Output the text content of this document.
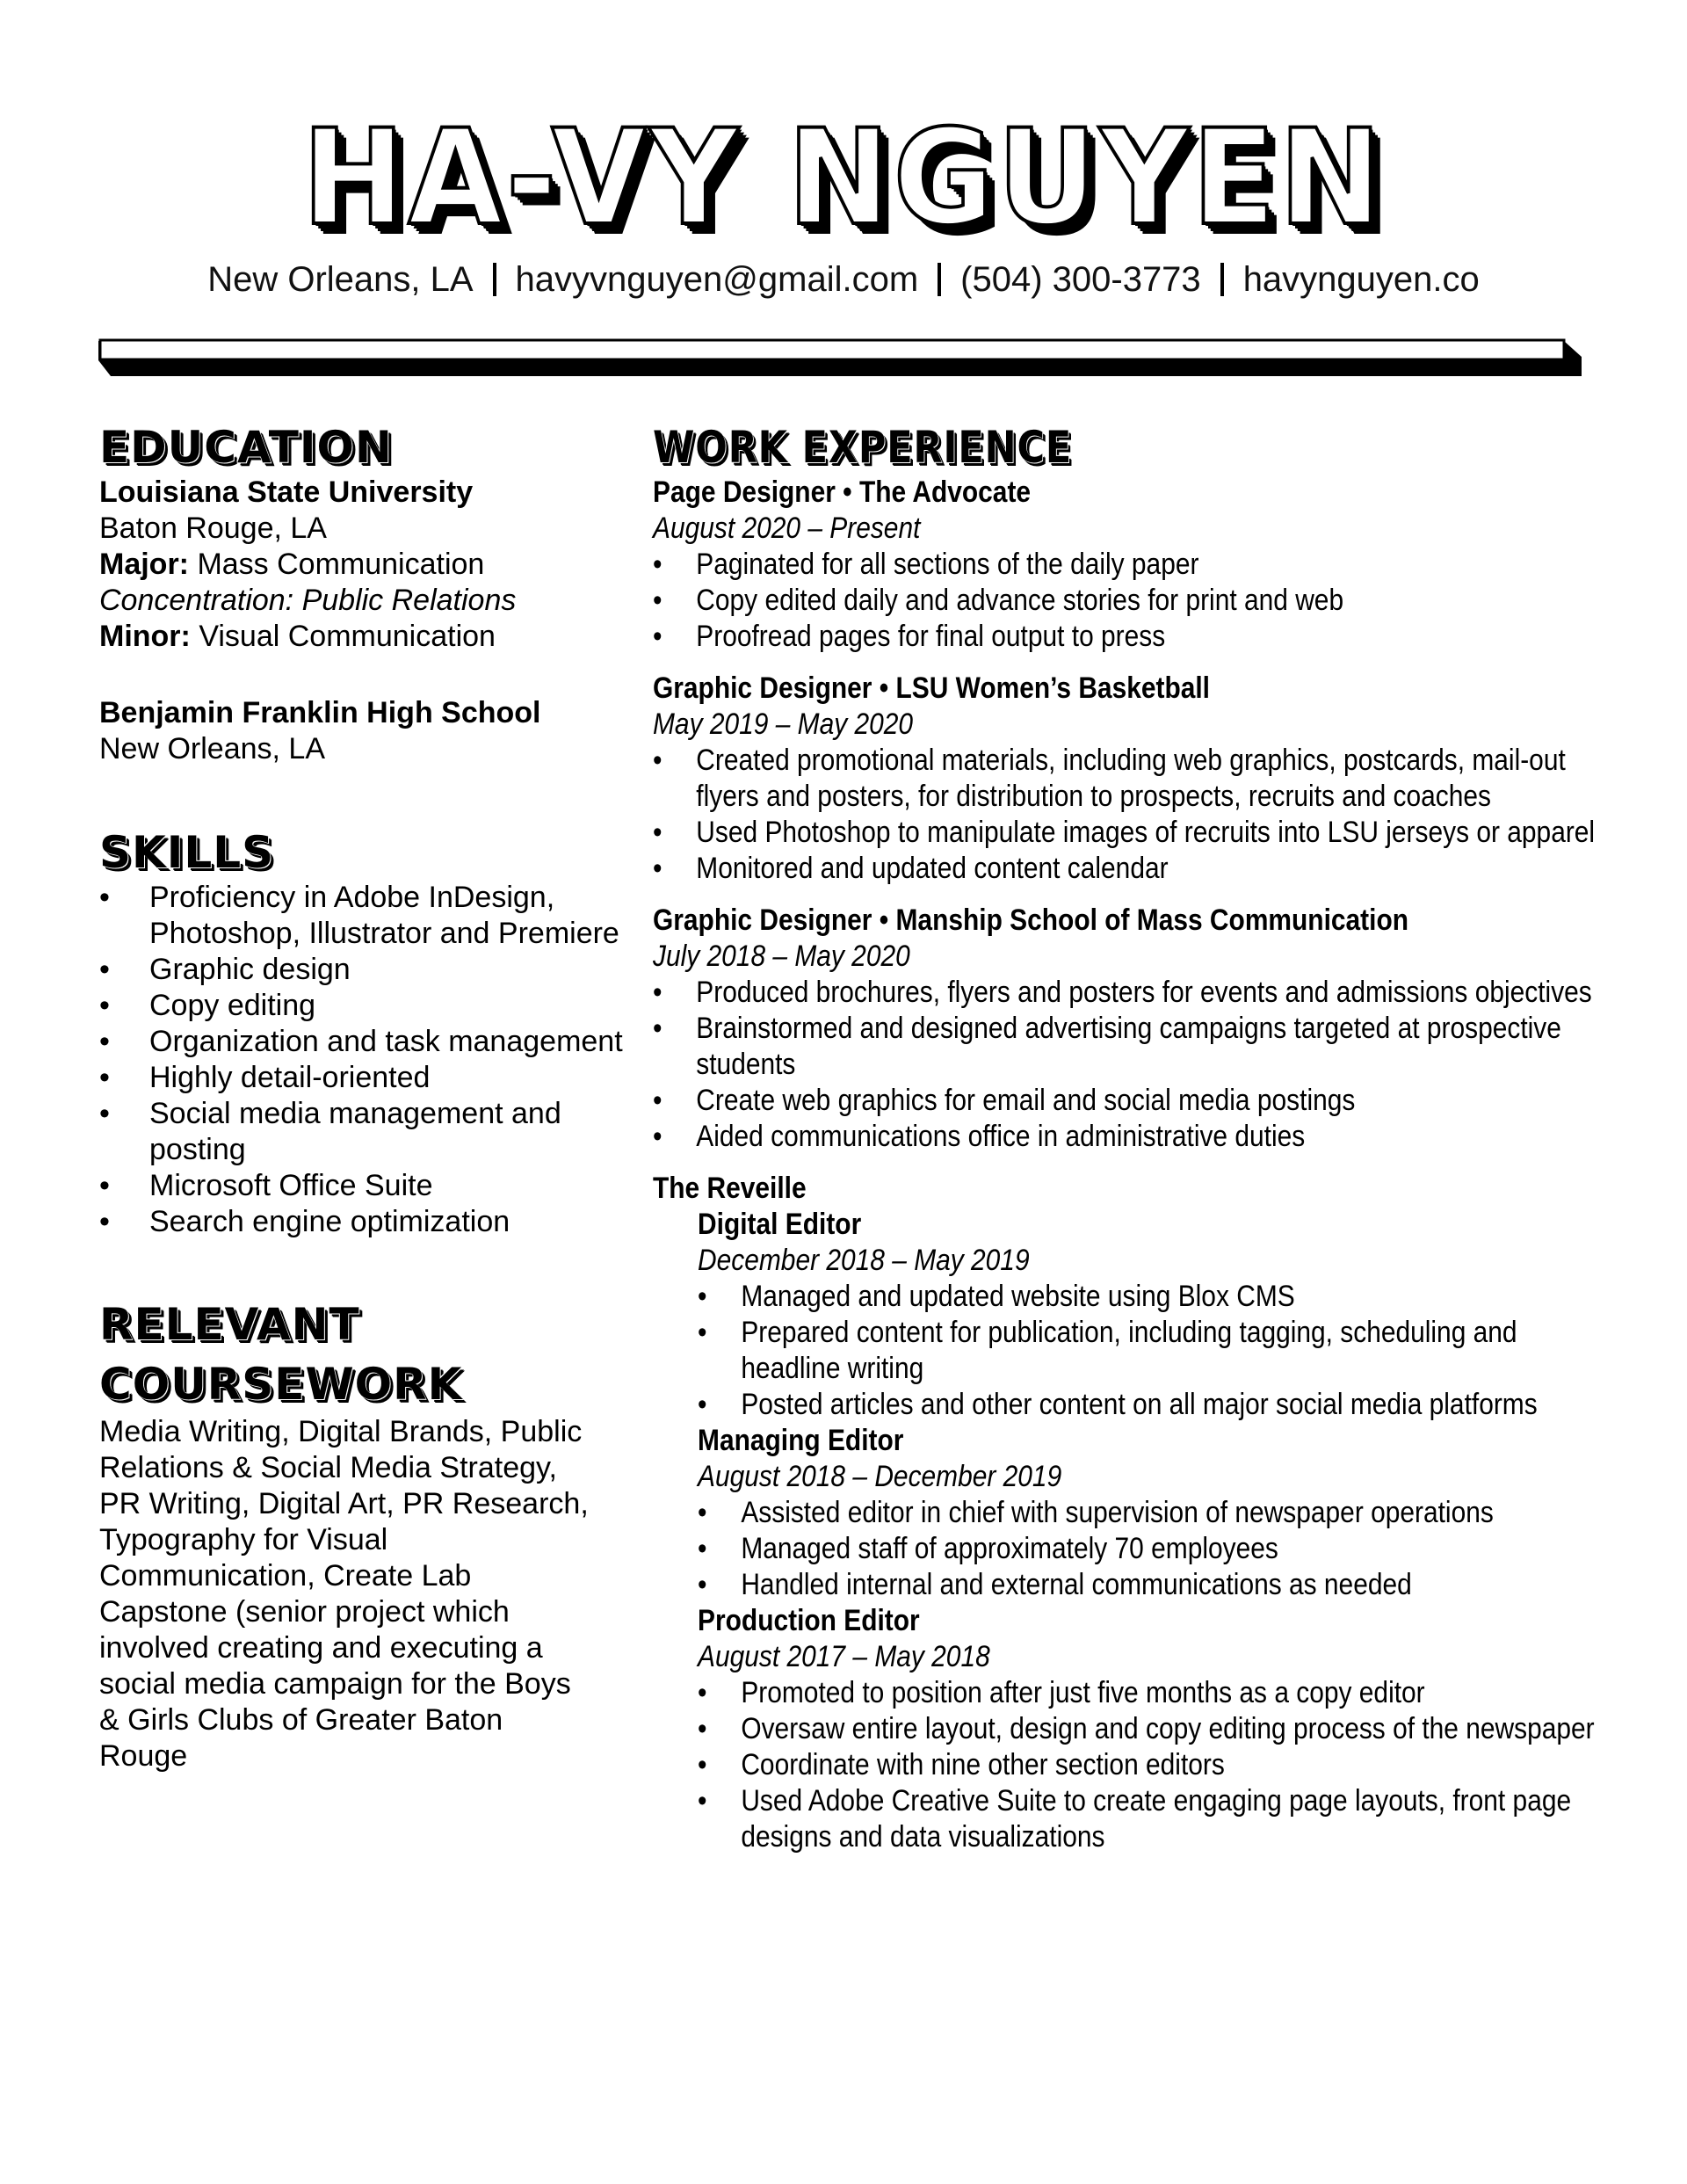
HA-VY NGUYEN
New Orleans, LA havyvnguyen@gmail.com (504) 300-3773 havynguyen.co
EDUCATION

Louisiana State University

Baton Rouge, LA

Major: Mass Communication

Concentration: Public Relations

Minor: Visual Communication

Benjamin Franklin High School

New Orleans, LA

SKILLS
• Proficiency in Adobe InDesign, Photoshop, Illustrator and Premiere
• Graphic design
• Copy editing
• Organization and task management
• Highly detail-oriented
• Social media management and posting
• Microsoft Office Suite
• Search engine optimization
RELEVANT
COURSEWORK

Media Writing, Digital Brands, Public Relations & Social Media Strategy, PR Writing, Digital Art, PR Research, Typography for Visual Communication, Create Lab Capstone (senior project which involved creating and executing a social media campaign for the Boys & Girls Clubs of Greater Baton Rouge

WORK EXPERIENCE

Page Designer • The Advocate

August 2020 – Present

• Paginated for all sections of the daily paper
• Copy edited daily and advance stories for print and web
• Proofread pages for final output to press

Graphic Designer • LSU Women’s Basketball

May 2019 – May 2020

• Created promotional materials, including web graphics, postcards, mail-out flyers and posters, for distribution to prospects, recruits and coaches
• Used Photoshop to manipulate images of recruits into LSU jerseys or apparel
• Monitored and updated content calendar

Graphic Designer • Manship School of Mass Communication

July 2018 – May 2020

• Produced brochures, flyers and posters for events and admissions objectives
• Brainstormed and designed advertising campaigns targeted at prospective students
• Create web graphics for email and social media postings
• Aided communications office in administrative duties

The Reveille

Digital Editor

December 2018 – May 2019

• Managed and updated website using Blox CMS
• Prepared content for publication, including tagging, scheduling and headline writing
• Posted articles and other content on all major social media platforms

Managing Editor

August 2018 – December 2019

• Assisted editor in chief with supervision of newspaper operations
• Managed staff of approximately 70 employees
• Handled internal and external communications as needed

Production Editor

August 2017 – May 2018

• Promoted to position after just five months as a copy editor
• Oversaw entire layout, design and copy editing process of the newspaper
• Coordinate with nine other section editors
• Used Adobe Creative Suite to create engaging page layouts, front page designs and data visualizations
